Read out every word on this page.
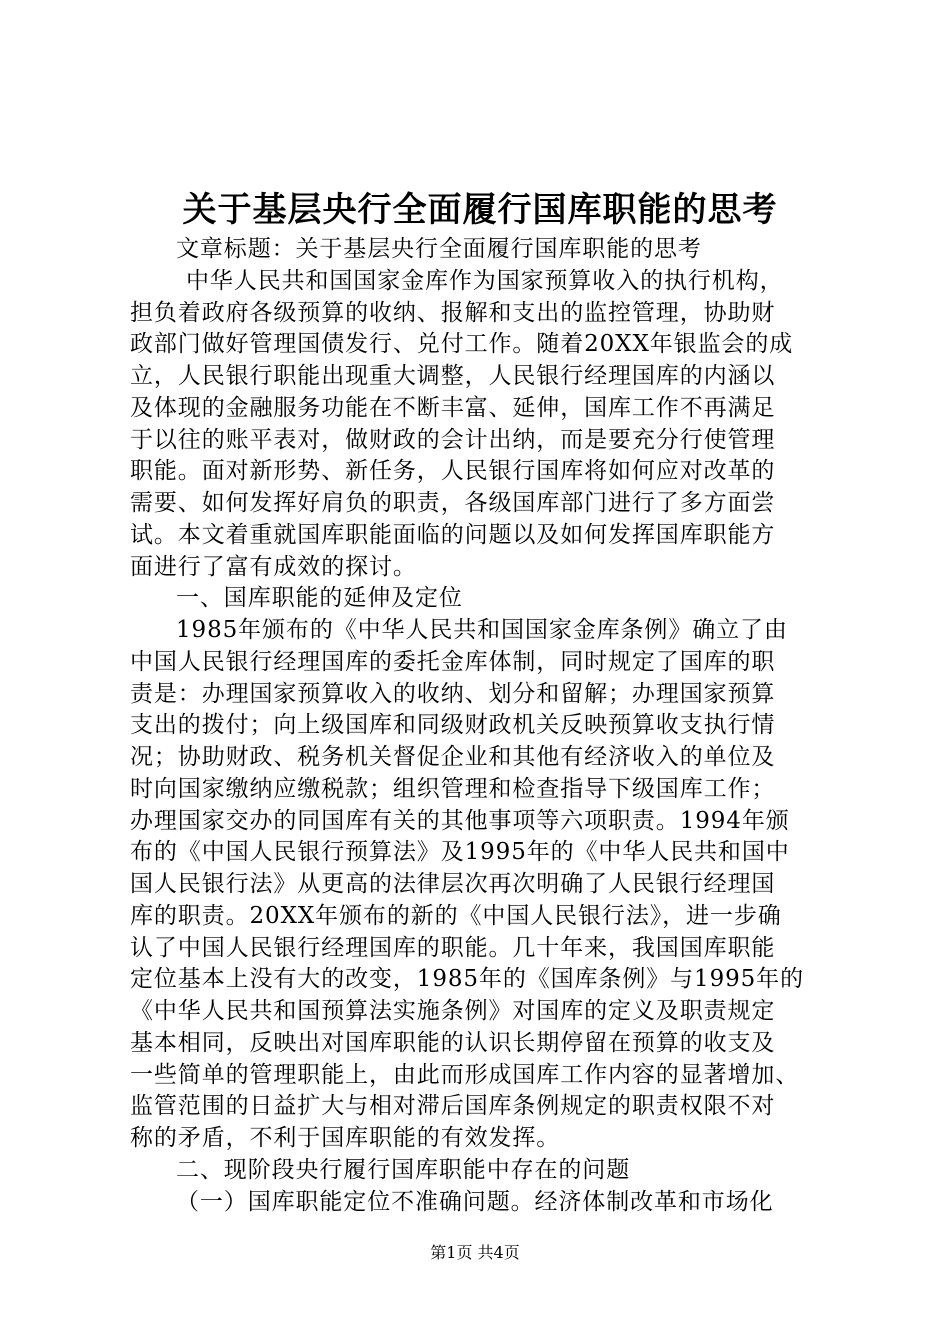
关于基层央行全面履行国库职能的思考
文章标题：关于基层央行全面履行国库职能的思考
中华人民共和国国家金库作为国家预算收入的执行机构，
担负着政府各级预算的收纳、报解和支出的监控管理，协助财
政部门做好管理国债发行、兑付工作。随着20XX年银监会的成
立，人民银行职能出现重大调整，人民银行经理国库的内涵以
及体现的金融服务功能在不断丰富、延伸，国库工作不再满足
于以往的账平表对，做财政的会计出纳，而是要充分行使管理
职能。面对新形势、新任务，人民银行国库将如何应对改革的
需要、如何发挥好肩负的职责，各级国库部门进行了多方面尝
试。本文着重就国库职能面临的问题以及如何发挥国库职能方
面进行了富有成效的探讨。
一、国库职能的延伸及定位
1985年颁布的《中华人民共和国国家金库条例》确立了由
中国人民银行经理国库的委托金库体制，同时规定了国库的职
责是：办理国家预算收入的收纳、划分和留解；办理国家预算
支出的拨付；向上级国库和同级财政机关反映预算收支执行情
况；协助财政、税务机关督促企业和其他有经济收入的单位及
时向国家缴纳应缴税款；组织管理和检查指导下级国库工作；
办理国家交办的同国库有关的其他事项等六项职责。1994年颁
布的《中国人民银行预算法》及1995年的《中华人民共和国中
国人民银行法》从更高的法律层次再次明确了人民银行经理国
库的职责。20XX年颁布的新的《中国人民银行法》，进一步确
认了中国人民银行经理国库的职能。几十年来，我国国库职能
定位基本上没有大的改变，1985年的《国库条例》与1995年的
《中华人民共和国预算法实施条例》对国库的定义及职责规定
基本相同，反映出对国库职能的认识长期停留在预算的收支及
一些简单的管理职能上，由此而形成国库工作内容的显著增加、
监管范围的日益扩大与相对滞后国库条例规定的职责权限不对
称的矛盾，不利于国库职能的有效发挥。
二、现阶段央行履行国库职能中存在的问题
（一）国库职能定位不准确问题。经济体制改革和市场化
第1页 共4页
